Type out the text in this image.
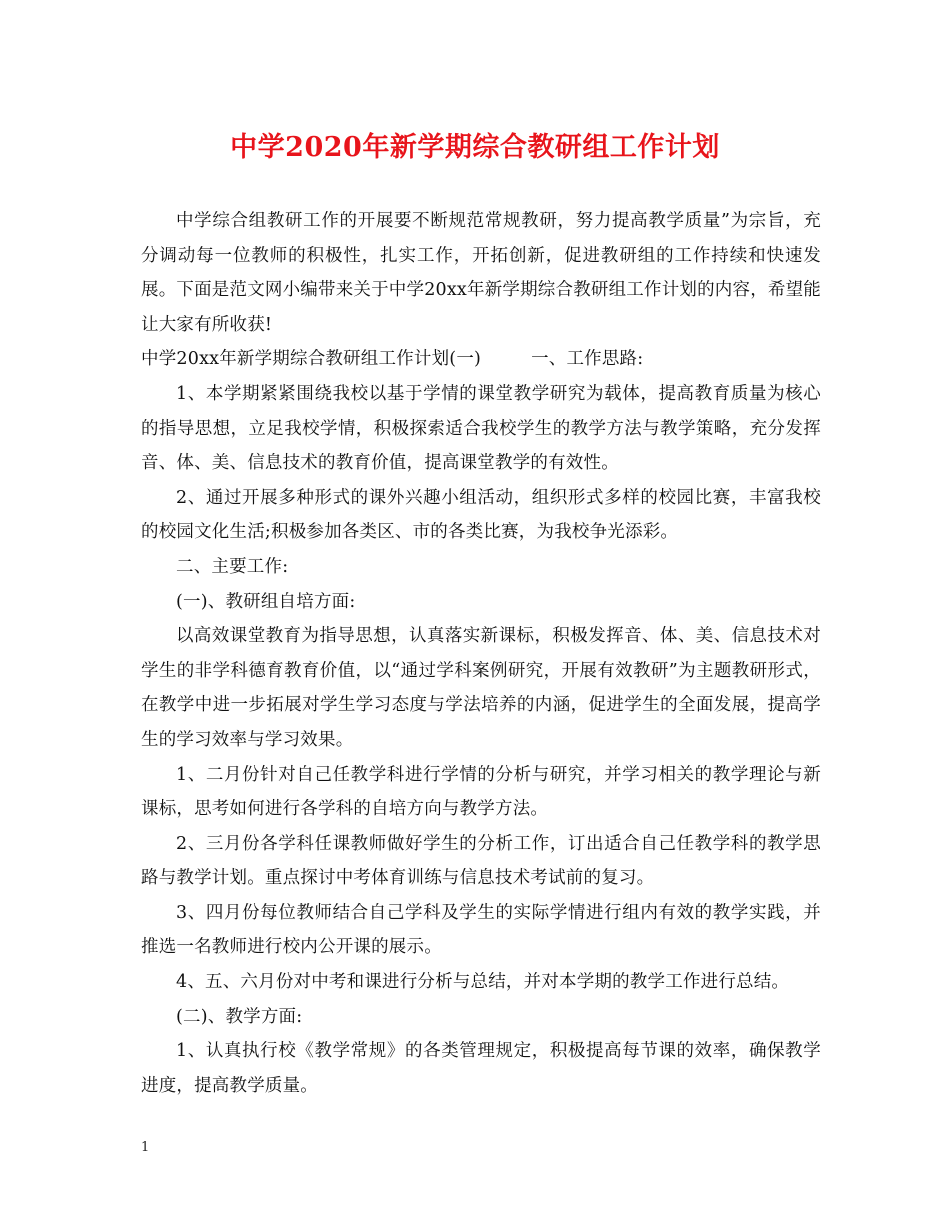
中学2020年新学期综合教研组工作计划

中学综合组教研工作的开展要不断规范常规教研，努力提高教学质量”为宗旨，充分调动每一位教师的积极性，扎实工作，开拓创新，促进教研组的工作持续和快速发展。下面是范文网小编带来关于中学20xx年新学期综合教研组工作计划的内容，希望能让大家有所收获!

中学20xx年新学期综合教研组工作计划(一)	一、工作思路:

1、本学期紧紧围绕我校以基于学情的课堂教学研究为载体，提高教育质量为核心的指导思想，立足我校学情，积极探索适合我校学生的教学方法与教学策略，充分发挥音、体、美、信息技术的教育价值，提高课堂教学的有效性。

2、通过开展多种形式的课外兴趣小组活动，组织形式多样的校园比赛，丰富我校的校园文化生活;积极参加各类区、市的各类比赛，为我校争光添彩。

二、主要工作:

(一)、教研组自培方面:

以高效课堂教育为指导思想，认真落实新课标，积极发挥音、体、美、信息技术对学生的非学科德育教育价值，以“通过学科案例研究，开展有效教研”为主题教研形式，在教学中进一步拓展对学生学习态度与学法培养的内涵，促进学生的全面发展，提高学生的学习效率与学习效果。

1、二月份针对自己任教学科进行学情的分析与研究，并学习相关的教学理论与新课标，思考如何进行各学科的自培方向与教学方法。

2、三月份各学科任课教师做好学生的分析工作，订出适合自己任教学科的教学思路与教学计划。重点探讨中考体育训练与信息技术考试前的复习。

3、四月份每位教师结合自己学科及学生的实际学情进行组内有效的教学实践，并推选一名教师进行校内公开课的展示。

4、五、六月份对中考和课进行分析与总结，并对本学期的教学工作进行总结。

(二)、教学方面:

1、认真执行校《教学常规》的各类管理规定，积极提高每节课的效率，确保教学进度，提高教学质量。

1
